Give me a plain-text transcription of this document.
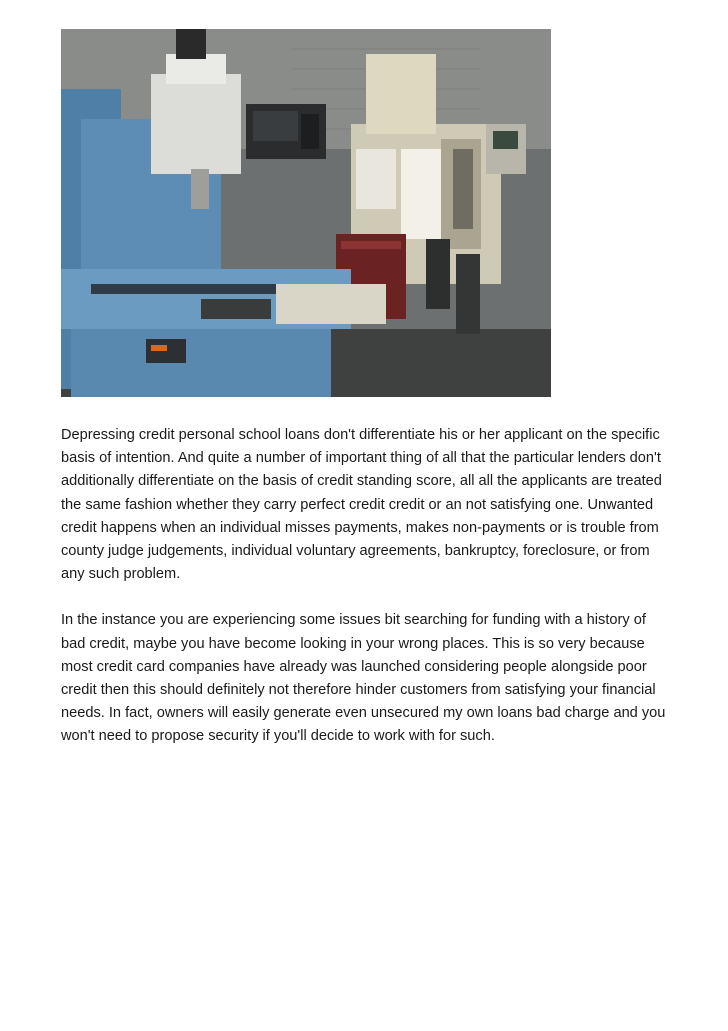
Depressing credit personal school loans don't differentiate his or her applicant on the specific basis of intention. And quite a number of important thing of all that the particular lenders don't additionally differentiate on the basis of credit standing score, all all the applicants are treated the same fashion whether they carry perfect credit credit or an not satisfying one. Unwanted credit happens when an individual misses payments, makes non-payments or is trouble from county judge judgements, individual voluntary agreements, bankruptcy, foreclosure, or from any such problem.

In the instance you are experiencing some issues bit searching for funding with a history of bad credit, maybe you have become looking in your wrong places. This is so very because most credit card companies have already was launched considering people alongside poor credit then this should definitely not therefore hinder customers from satisfying your financial needs. In fact, owners will easily generate even unsecured my own loans bad charge and you won't need to propose security if you'll decide to work with for such.
